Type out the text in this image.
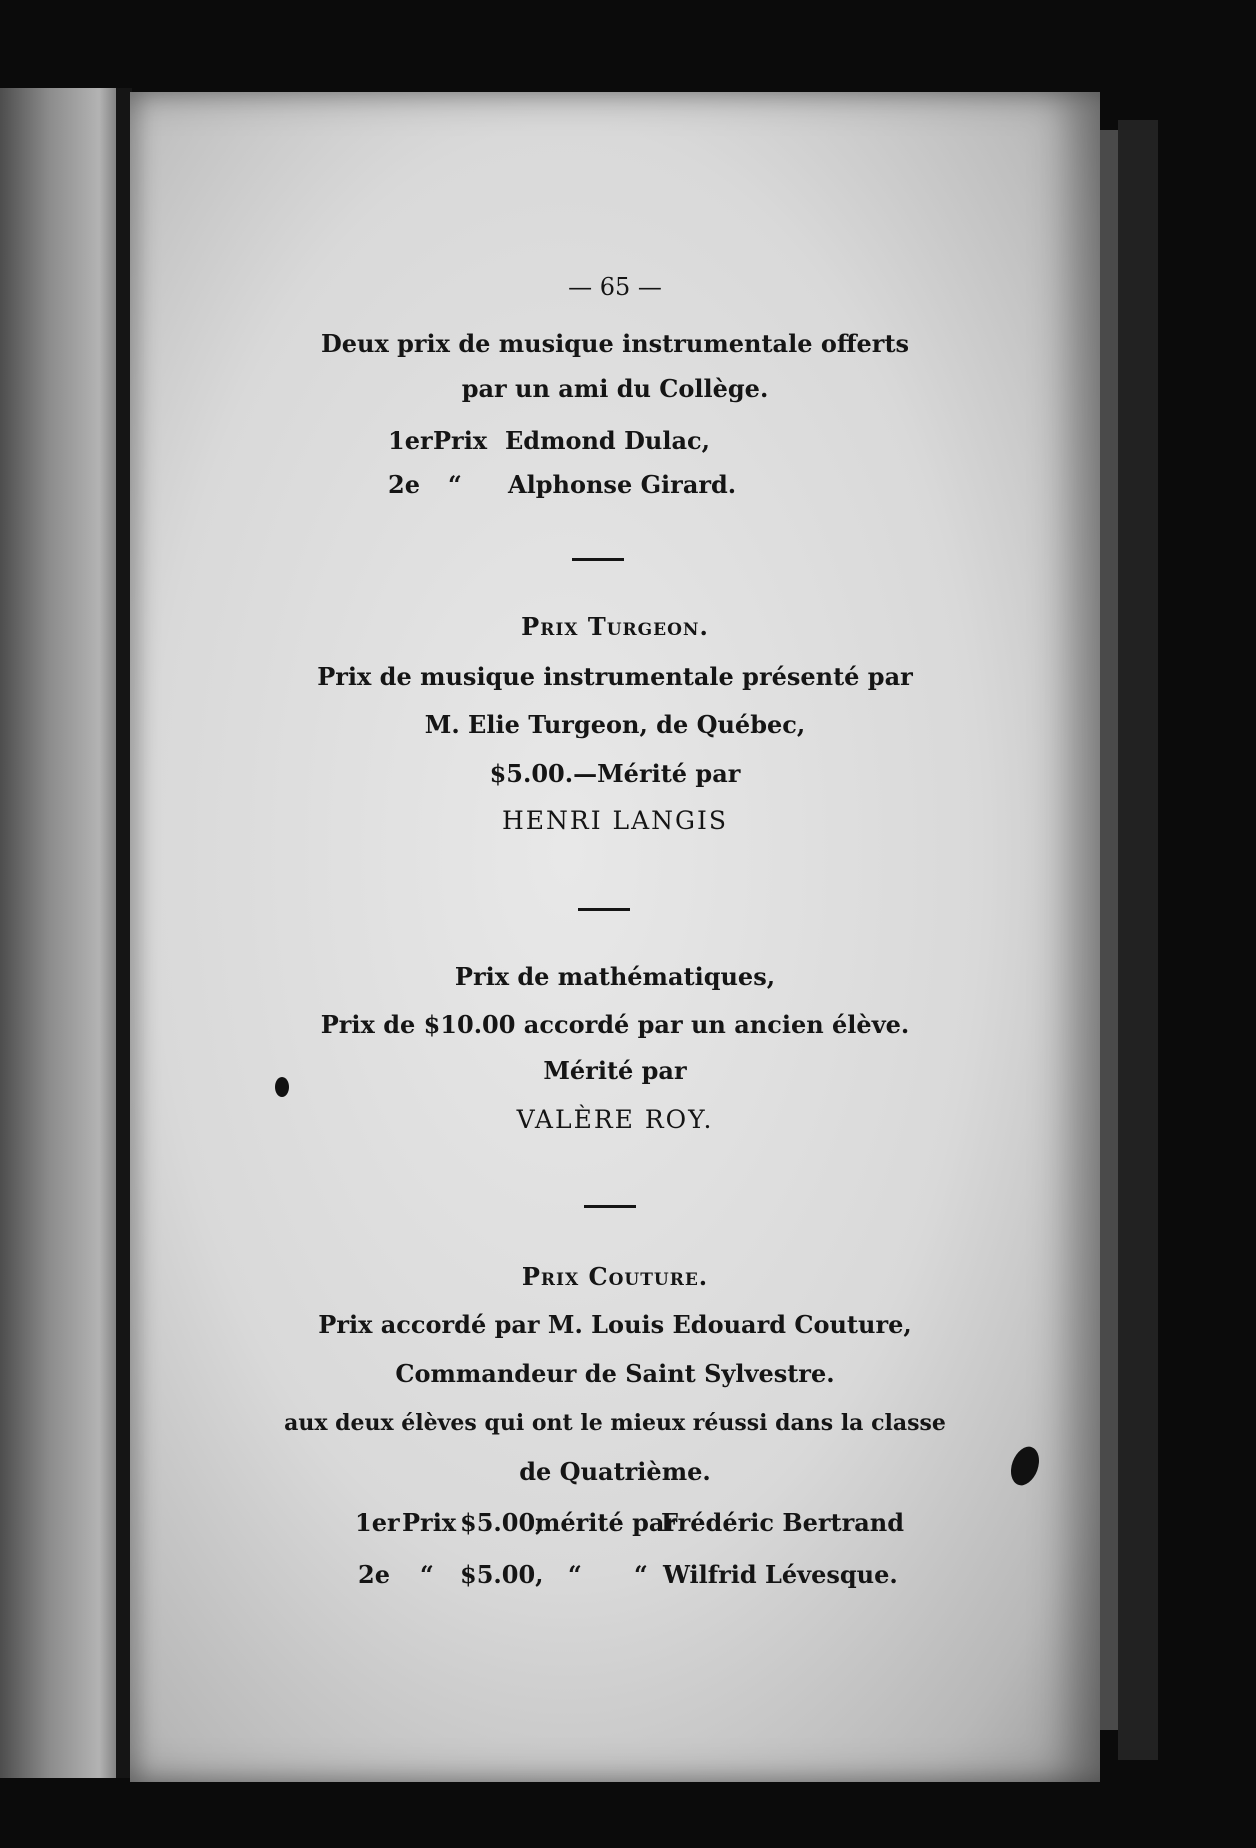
— 65 —
Deux prix de musique instrumentale offerts
par un ami du Collège.
1er Prix Edmond Dulac,
2e “ Alphonse Girard.
Prix Turgeon.
Prix de musique instrumentale présenté par
M. Elie Turgeon, de Québec,
$5.00.—Mérité par
HENRI LANGIS
Prix de mathématiques,
Prix de $10.00 accordé par un ancien élève.
Mérité par
VALÈRE ROY.
Prix Couture.
Prix accordé par M. Louis Edouard Couture,
Commandeur de Saint Sylvestre.
aux deux élèves qui ont le mieux réussi dans la classe
de Quatrième.
1er Prix $5.00,
mérité par
Frédéric Bertrand
2e “ $5.00, “ “ Wilfrid Lévesque.
